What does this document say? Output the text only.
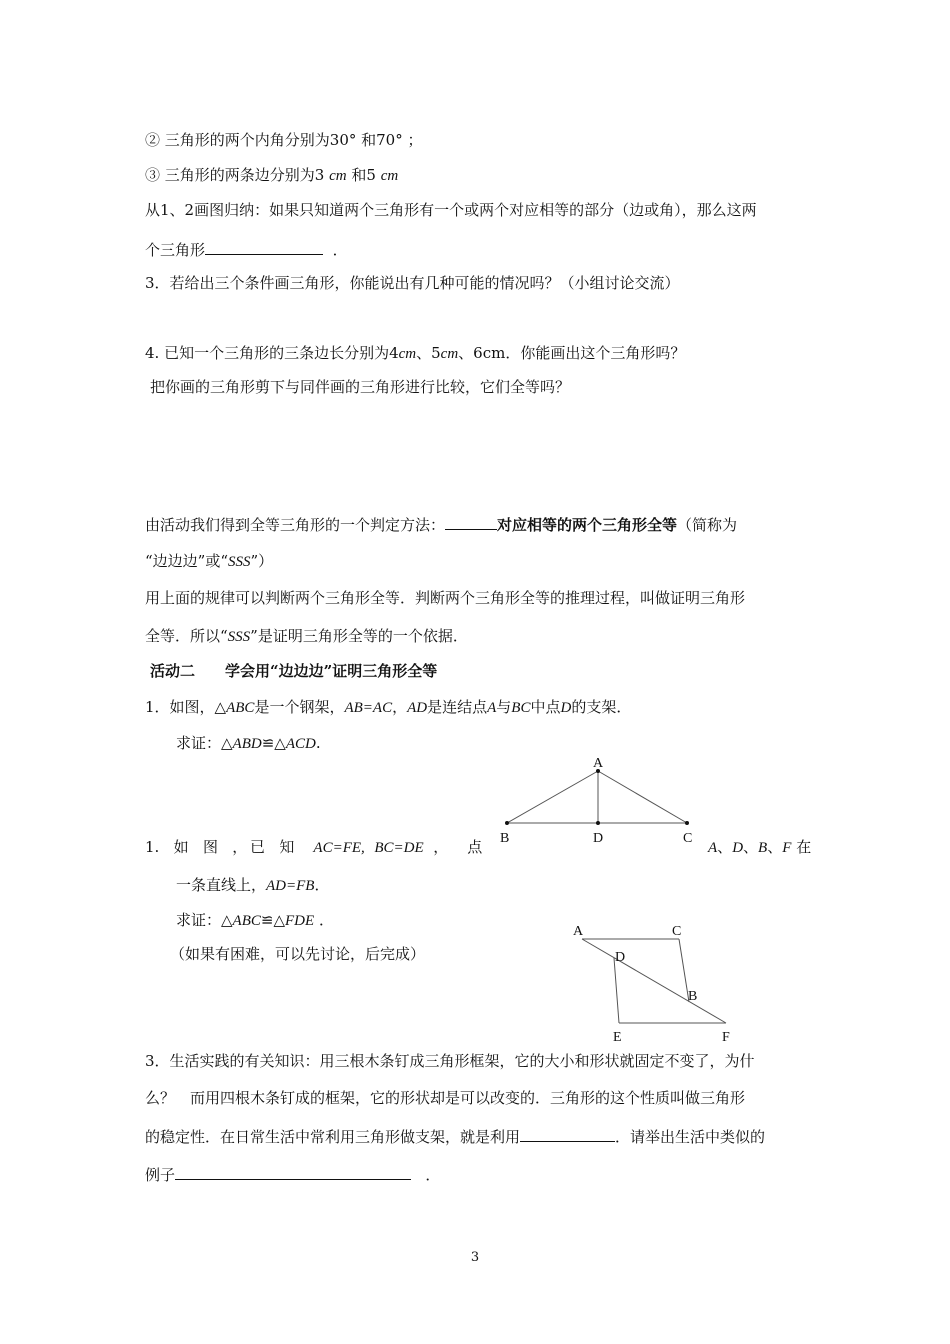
② 三角形的两个内角分别为30° 和70° ；
③ 三角形的两条边分别为3 cm 和5 cm
从1、2画图归纳：如果只知道两个三角形有一个或两个对应相等的部分（边或角），那么这两
个三角形	．
3．若给出三个条件画三角形，你能说出有几种可能的情况吗？（小组讨论交流）
4. 已知一个三角形的三条边长分别为4cm、5cm、6cm．你能画出这个三角形吗？
把你画的三角形剪下与同伴画的三角形进行比较，它们全等吗？
由活动我们得到全等三角形的一个判定方法：	对应相等的两个三角形全等（简称为
“边边边”或“SSS”）
用上面的规律可以判断两个三角形全等．判断两个三角形全等的推理过程，叫做证明三角形
全等．所以“SSS”是证明三角形全等的一个依据．
活动二　　学会用“边边边”证明三角形全等
1．如图，△ABC是一个钢架，AB=AC，AD是连结点A与BC中点D的支架．
求证：△ABD≌△ACD.
A
B	D	C
1. 如 图 ， 已 知 AC=FE, BC=DE ， 点	A、D、B、F 在
一条直线上，AD=FB．
求证：△ABC≌△FDE ．
（如果有困难，可以先讨论，后完成）
A	C
D
B
E	F
3．生活实践的有关知识：用三根木条钉成三角形框架，它的大小和形状就固定不变了，为什
么？　而用四根木条钉成的框架，它的形状却是可以改变的．三角形的这个性质叫做三角形
的稳定性．在日常生活中常利用三角形做支架，就是利用	．请举出生活中类似的
例子	．
3
